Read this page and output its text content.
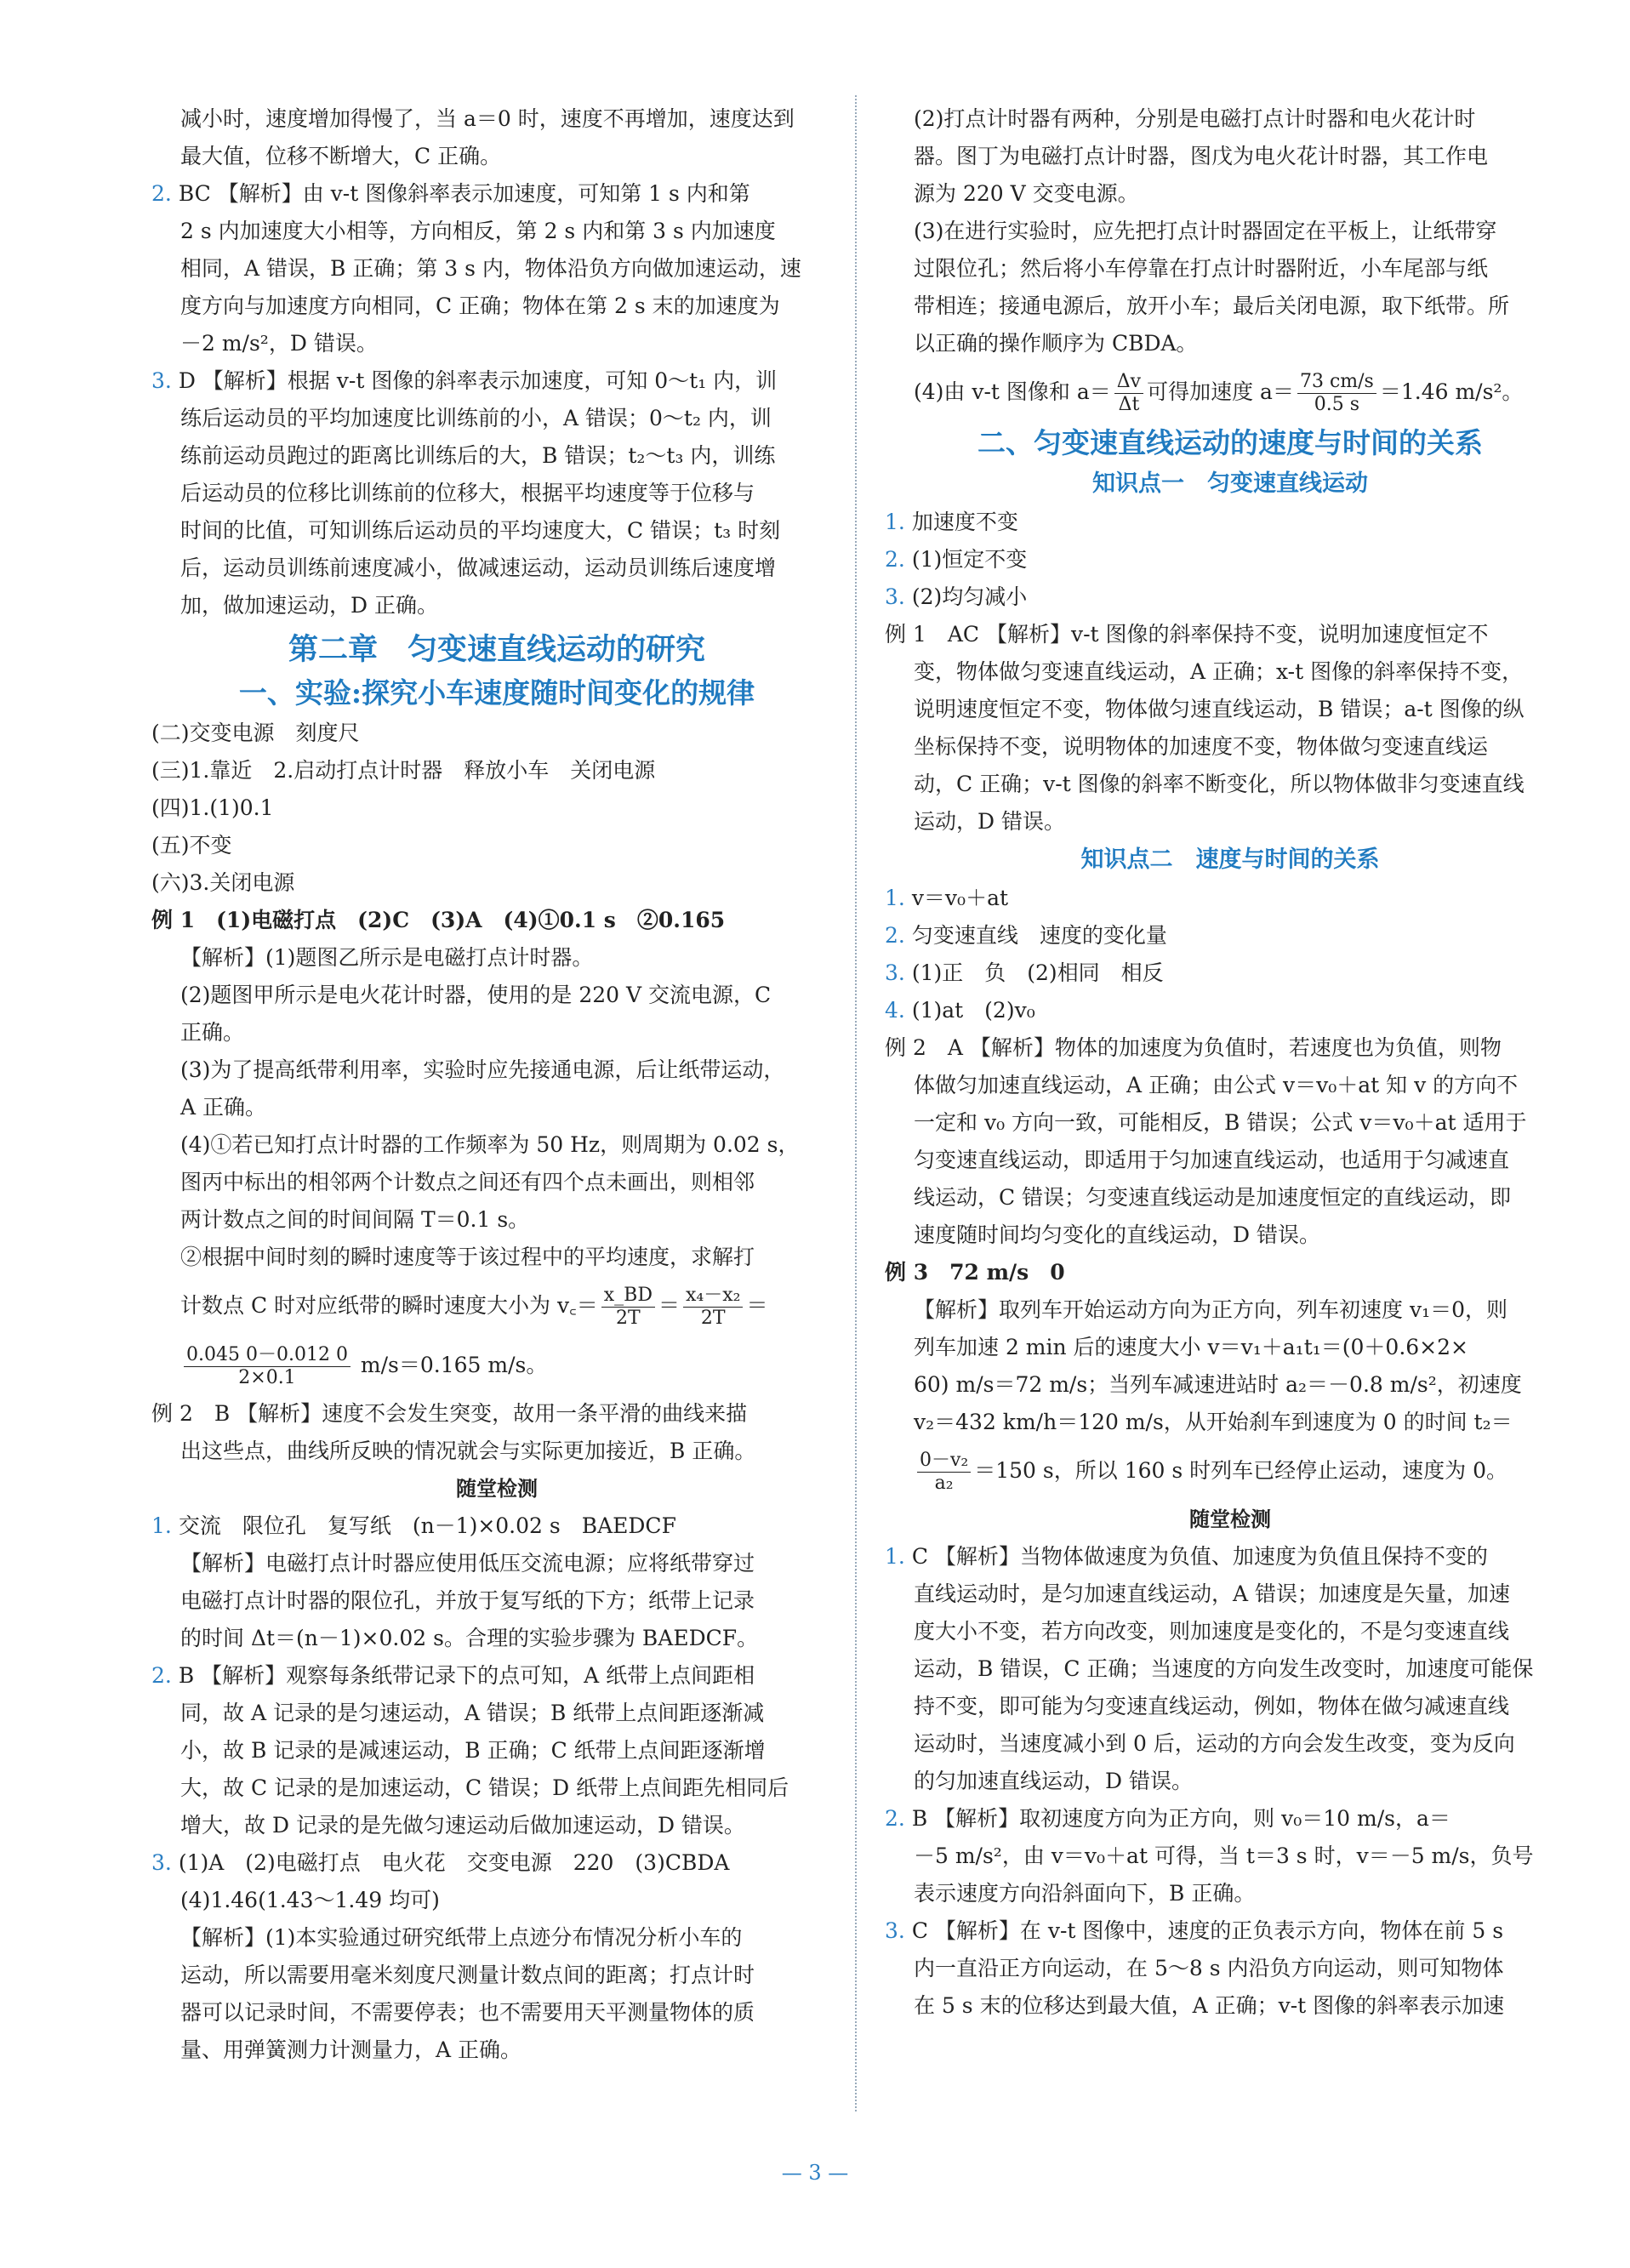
减小时，速度增加得慢了，当 a＝0 时，速度不再增加，速度达到

最大值，位移不断增大，C 正确。

2. BC 【解析】由 v-t 图像斜率表示加速度，可知第 1 s 内和第

2 s 内加速度大小相等，方向相反，第 2 s 内和第 3 s 内加速度

相同，A 错误，B 正确；第 3 s 内，物体沿负方向做加速运动，速

度方向与加速度方向相同，C 正确；物体在第 2 s 末的加速度为

－2 m/s²，D 错误。

3. D 【解析】根据 v-t 图像的斜率表示加速度，可知 0～t₁ 内，训

练后运动员的平均加速度比训练前的小，A 错误；0～t₂ 内，训

练前运动员跑过的距离比训练后的大，B 错误；t₂～t₃ 内，训练

后运动员的位移比训练前的位移大，根据平均速度等于位移与

时间的比值，可知训练后运动员的平均速度大，C 错误；t₃ 时刻

后，运动员训练前速度减小，做减速运动，运动员训练后速度增

加，做加速运动，D 正确。

第二章　匀变速直线运动的研究

一、实验:探究小车速度随时间变化的规律

(二)交变电源　刻度尺

(三)1.靠近　2.启动打点计时器　释放小车　关闭电源

(四)1.(1)0.1

(五)不变

(六)3.关闭电源

例 1　(1)电磁打点　(2)C　(3)A　(4)①0.1 s　②0.165

【解析】(1)题图乙所示是电磁打点计时器。

(2)题图甲所示是电火花计时器，使用的是 220 V 交流电源，C

正确。

(3)为了提高纸带利用率，实验时应先接通电源，后让纸带运动，

A 正确。

(4)①若已知打点计时器的工作频率为 50 Hz，则周期为 0.02 s，

图丙中标出的相邻两个计数点之间还有四个点未画出，则相邻

两计数点之间的时间间隔 T＝0.1 s。

②根据中间时刻的瞬时速度等于该过程中的平均速度，求解打

计数点 C 时对应纸带的瞬时速度大小为 v꜀＝ $\frac{x\_BD}{2T} = \frac{\text{x₄－x₂}}{2T}$ ＝

$\frac{0.045 0-0.012 0}{2\times 0.1} m/s=0.165$ m/s。

例 2　B 【解析】速度不会发生突变，故用一条平滑的曲线来描

出这些点，曲线所反映的情况就会与实际更加接近，B 正确。

随堂检测

1. 交流　限位孔　复写纸　(n－1)×0.02 s　BAEDCF

【解析】电磁打点计时器应使用低压交流电源；应将纸带穿过

电磁打点计时器的限位孔，并放于复写纸的下方；纸带上记录

的时间 Δt＝(n－1)×0.02 s。合理的实验步骤为 BAEDCF。

2. B 【解析】观察每条纸带记录下的点可知，A 纸带上点间距相

同，故 A 记录的是匀速运动，A 错误；B 纸带上点间距逐渐减

小，故 B 记录的是减速运动，B 正确；C 纸带上点间距逐渐增

大，故 C 记录的是加速运动，C 错误；D 纸带上点间距先相同后

增大，故 D 记录的是先做匀速运动后做加速运动，D 错误。

3. (1)A　(2)电磁打点　电火花　交变电源　220　(3)CBDA

(4)1.46(1.43～1.49 均可)

【解析】(1)本实验通过研究纸带上点迹分布情况分析小车的

运动，所以需要用毫米刻度尺测量计数点间的距离；打点计时

器可以记录时间，不需要停表；也不需要用天平测量物体的质

量、用弹簧测力计测量力，A 正确。

(2)打点计时器有两种，分别是电磁打点计时器和电火花计时

器。图丁为电磁打点计时器，图戊为电火花计时器，其工作电

源为 220 V 交变电源。

(3)在进行实验时，应先把打点计时器固定在平板上，让纸带穿

过限位孔；然后将小车停靠在打点计时器附近，小车尾部与纸

带相连；接通电源后，放开小车；最后关闭电源，取下纸带。所

以正确的操作顺序为 CBDA。

(4)由 v-t 图像和 $a= \frac{\Delta v}{\Delta t}$ 可得加速度 $a= \frac{73 cm/s}{0.5 s} =1.46$ m/s²。

二、匀变速直线运动的速度与时间的关系

知识点一　匀变速直线运动

1. 加速度不变

2. (1)恒定不变

3. (2)均匀减小

例 1　AC 【解析】v-t 图像的斜率保持不变，说明加速度恒定不

变，物体做匀变速直线运动，A 正确；x-t 图像的斜率保持不变，

说明速度恒定不变，物体做匀速直线运动，B 错误；a-t 图像的纵

坐标保持不变，说明物体的加速度不变，物体做匀变速直线运

动，C 正确；v-t 图像的斜率不断变化，所以物体做非匀变速直线

运动，D 错误。

知识点二　速度与时间的关系

1. v＝v₀＋at

2. 匀变速直线　速度的变化量

3. (1)正　负　(2)相同　相反

4. (1)at　(2)v₀

例 2　A 【解析】物体的加速度为负值时，若速度也为负值，则物

体做匀加速直线运动，A 正确；由公式 v＝v₀＋at 知 v 的方向不

一定和 v₀ 方向一致，可能相反，B 错误；公式 v＝v₀＋at 适用于

匀变速直线运动，即适用于匀加速直线运动，也适用于匀减速直

线运动，C 错误；匀变速直线运动是加速度恒定的直线运动，即

速度随时间均匀变化的直线运动，D 错误。

例 3　72 m/s　0

【解析】取列车开始运动方向为正方向，列车初速度 v₁＝0，则

列车加速 2 min 后的速度大小 v＝v₁＋a₁t₁＝(0＋0.6×2×

60) m/s＝72 m/s；当列车减速进站时 a₂＝－0.8 m/s²，初速度

v₂＝432 km/h＝120 m/s，从开始刹车到速度为 0 的时间 t₂＝

$\frac{\text{0－v₂}}{\text{a₂}} =150$ s，所以 160 s 时列车已经停止运动，速度为 0。

随堂检测

1. C 【解析】当物体做速度为负值、加速度为负值且保持不变的

直线运动时，是匀加速直线运动，A 错误；加速度是矢量，加速

度大小不变，若方向改变，则加速度是变化的，不是匀变速直线

运动，B 错误，C 正确；当速度的方向发生改变时，加速度可能保

持不变，即可能为匀变速直线运动，例如，物体在做匀减速直线

运动时，当速度减小到 0 后，运动的方向会发生改变，变为反向

的匀加速直线运动，D 错误。

2. B 【解析】取初速度方向为正方向，则 v₀＝10 m/s，a＝

－5 m/s²，由 v＝v₀＋at 可得，当 t＝3 s 时，v＝－5 m/s，负号

表示速度方向沿斜面向下，B 正确。

3. C 【解析】在 v-t 图像中，速度的正负表示方向，物体在前 5 s

内一直沿正方向运动，在 5～8 s 内沿负方向运动，则可知物体

在 5 s 末的位移达到最大值，A 正确；v-t 图像的斜率表示加速

— 3 —
